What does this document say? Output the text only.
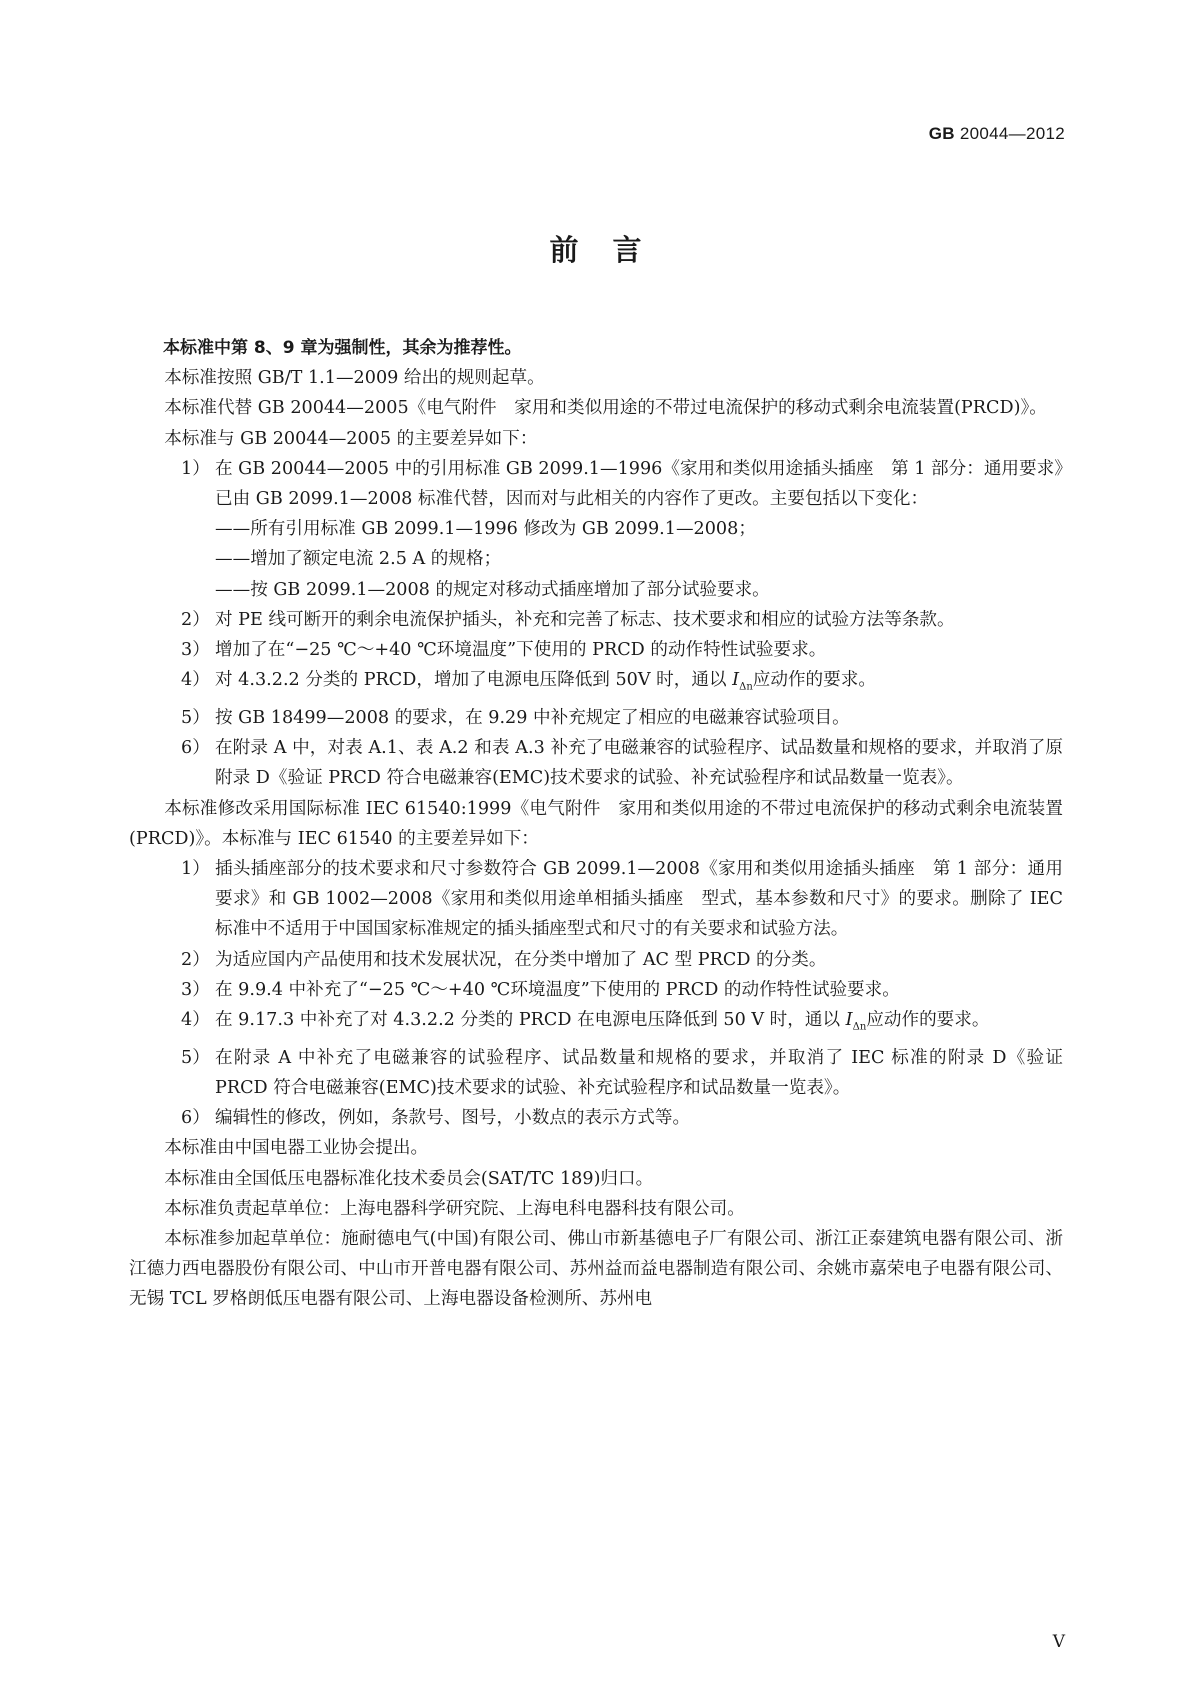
GB 20044—2012
前言

本标准中第 8、9 章为强制性，其余为推荐性。

本标准按照 GB/T 1.1—2009 给出的规则起草。

本标准代替 GB 20044—2005《电气附件　家用和类似用途的不带过电流保护的移动式剩余电流装置(PRCD)》。

本标准与 GB 20044—2005 的主要差异如下：

1） 在 GB 20044—2005 中的引用标准 GB 2099.1—1996《家用和类似用途插头插座　第 1 部分：通用要求》已由 GB 2099.1—2008 标准代替，因而对与此相关的内容作了更改。主要包括以下变化：

——所有引用标准 GB 2099.1—1996 修改为 GB 2099.1—2008；

——增加了额定电流 2.5 A 的规格；

——按 GB 2099.1—2008 的规定对移动式插座增加了部分试验要求。

2） 对 PE 线可断开的剩余电流保护插头，补充和完善了标志、技术要求和相应的试验方法等条款。
3） 增加了在“−25 ℃～+40 ℃环境温度”下使用的 PRCD 的动作特性试验要求。
4） 对 4.3.2.2 分类的 PRCD，增加了电源电压降低到 50V 时，通以 $I_{\Delta n}$应动作的要求。
5） 按 GB 18499—2008 的要求，在 9.29 中补充规定了相应的电磁兼容试验项目。
6） 在附录 A 中，对表 A.1、表 A.2 和表 A.3 补充了电磁兼容的试验程序、试品数量和规格的要求，并取消了原附录 D《验证 PRCD 符合电磁兼容(EMC)技术要求的试验、补充试验程序和试品数量一览表》。

本标准修改采用国际标准 IEC 61540:1999《电气附件　家用和类似用途的不带过电流保护的移动式剩余电流装置(PRCD)》。本标准与 IEC 61540 的主要差异如下：

1） 插头插座部分的技术要求和尺寸参数符合 GB 2099.1—2008《家用和类似用途插头插座　第 1 部分：通用要求》和 GB 1002—2008《家用和类似用途单相插头插座　型式，基本参数和尺寸》的要求。删除了 IEC 标准中不适用于中国国家标准规定的插头插座型式和尺寸的有关要求和试验方法。
2） 为适应国内产品使用和技术发展状况，在分类中增加了 AC 型 PRCD 的分类。
3） 在 9.9.4 中补充了“−25 ℃～+40 ℃环境温度”下使用的 PRCD 的动作特性试验要求。
4） 在 9.17.3 中补充了对 4.3.2.2 分类的 PRCD 在电源电压降低到 50 V 时，通以 $I_{\Delta n}$应动作的要求。
5） 在附录 A 中补充了电磁兼容的试验程序、试品数量和规格的要求，并取消了 IEC 标准的附录 D《验证 PRCD 符合电磁兼容(EMC)技术要求的试验、补充试验程序和试品数量一览表》。
6） 编辑性的修改，例如，条款号、图号，小数点的表示方式等。

本标准由中国电器工业协会提出。

本标准由全国低压电器标准化技术委员会(SAT/TC 189)归口。

本标准负责起草单位：上海电器科学研究院、上海电科电器科技有限公司。

本标准参加起草单位：施耐德电气(中国)有限公司、佛山市新基德电子厂有限公司、浙江正泰建筑电器有限公司、浙江德力西电器股份有限公司、中山市开普电器有限公司、苏州益而益电器制造有限公司、余姚市嘉荣电子电器有限公司、无锡 TCL 罗格朗低压电器有限公司、上海电器设备检测所、苏州电

V
